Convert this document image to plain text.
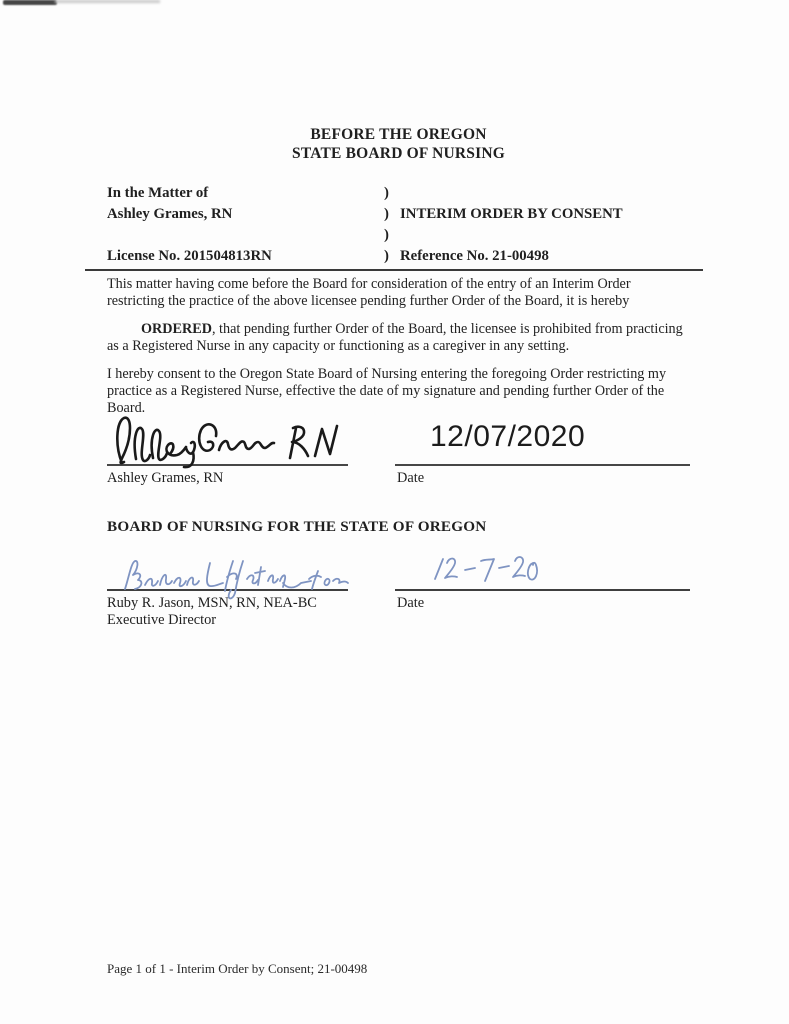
BEFORE THE OREGON
STATE BOARD OF NURSING
In the Matter of	)
Ashley Grames, RN	) INTERIM ORDER BY CONSENT
)
License No. 201504813RN	) Reference No. 21-00498

This matter having come before the Board for consideration of the entry of an Interim Order restricting the practice of the above licensee pending further Order of the Board, it is hereby

ORDERED, that pending further Order of the Board, the licensee is prohibited from practicing as a Registered Nurse in any capacity or functioning as a caregiver in any setting.

I hereby consent to the Oregon State Board of Nursing entering the foregoing Order restricting my practice as a Registered Nurse, effective the date of my signature and pending further Order of the Board.

12/07/2020
Ashley Grames, RN	Date
BOARD OF NURSING FOR THE STATE OF OREGON
Ruby R. Jason, MSN, RN, NEA-BC
Executive Director
Date
Page 1 of 1 - Interim Order by Consent; 21-00498
